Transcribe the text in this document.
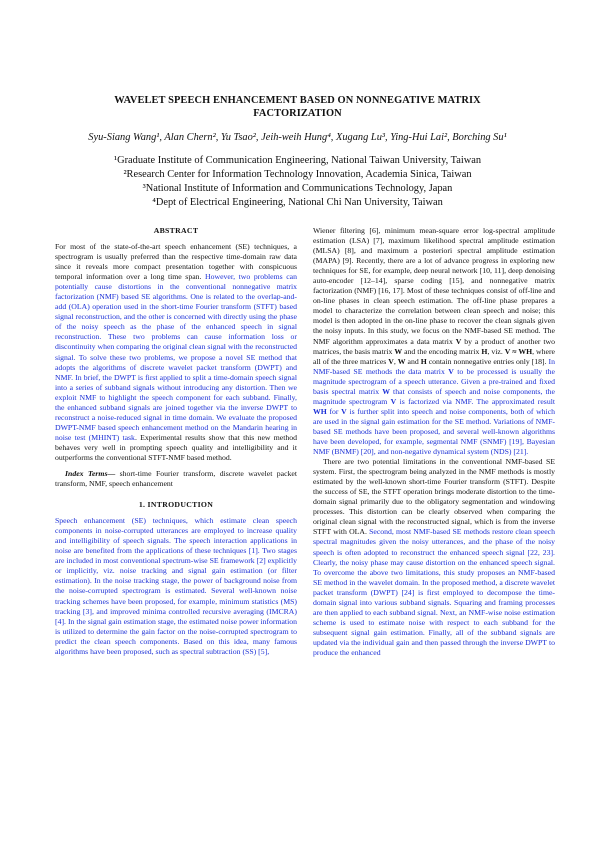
WAVELET SPEECH ENHANCEMENT BASED ON NONNEGATIVE MATRIX
FACTORIZATION
Syu-Siang Wang¹, Alan Chern², Yu Tsao², Jeih-weih Hung⁴, Xugang Lu³, Ying-Hui Lai², Borching Su¹
¹Graduate Institute of Communication Engineering, National Taiwan University, Taiwan
²Research Center for Information Technology Innovation, Academia Sinica, Taiwan
³National Institute of Information and Communications Technology, Japan
⁴Dept of Electrical Engineering, National Chi Nan University, Taiwan
ABSTRACT

For most of the state-of-the-art speech enhancement (SE) techniques, a spectrogram is usually preferred than the respective time-domain raw data since it reveals more compact presentation together with conspicuous temporal information over a long time span. However, two problems can potentially cause distortions in the conventional nonnegative matrix factorization (NMF) based SE algorithms. One is related to the overlap-and-add (OLA) operation used in the short-time Fourier transform (STFT) based signal reconstruction, and the other is concerned with directly using the phase of the noisy speech as the phase of the enhanced speech in signal reconstruction. These two problems can cause information loss or discontinuity when comparing the original clean signal with the reconstructed signal. To solve these two problems, we propose a novel SE method that adopts the algorithms of discrete wavelet packet transform (DWPT) and NMF. In brief, the DWPT is first applied to split a time-domain speech signal into a series of subband signals without introducing any distortion. Then we exploit NMF to highlight the speech component for each subband. Finally, the enhanced subband signals are joined together via the inverse DWPT to reconstruct a noise-reduced signal in time domain. We evaluate the proposed DWPT-NMF based speech enhancement method on the Mandarin hearing in noise test (MHINT) task. Experimental results show that this new method behaves very well in prompting speech quality and intelligibility and it outperforms the conventional STFT-NMF based method.

Index Terms— short-time Fourier transform, discrete wavelet packet transform, NMF, speech enhancement

1. INTRODUCTION

Speech enhancement (SE) techniques, which estimate clean speech components in noise-corrupted utterances are employed to increase quality and intelligibility of speech signals. The speech interaction applications in noise are benefited from the applications of these techniques [1]. Two stages are included in most conventional spectrum-wise SE framework [2] explicitly or implicitly, viz. noise tracking and signal gain estimation (or filter estimation). In the noise tracking stage, the power of background noise from the noise-corrupted spectrogram is estimated. Several well-known noise tracking schemes have been proposed, for example, minimum statistics (MS) tracking [3], and improved minima controlled recursive averaging (IMCRA) [4]. In the signal gain estimation stage, the estimated noise power information is utilized to determine the gain factor on the noise-corrupted spectrogram to predict the clean speech components. Based on this idea, many famous algorithms have been proposed, such as spectral subtraction (SS) [5],

Wiener filtering [6], minimum mean-square error log-spectral amplitude estimation (LSA) [7], maximum likelihood spectral amplitude estimation (MLSA) [8], and maximum a posteriori spectral amplitude estimation (MAPA) [9]. Recently, there are a lot of advance progress in exploring new techniques for SE, for example, deep neural network [10, 11], deep denoising auto-encoder [12–14], sparse coding [15], and nonnegative matrix factorization (NMF) [16, 17]. Most of these techniques consist of off-line and on-line phases in clean speech estimation. The off-line phase prepares a model to characterize the correlation between clean speech and noise; this model is then adopted in the on-line phase to recover the clean signals given the noisy inputs. In this study, we focus on the NMF-based SE method. The NMF algorithm approximates a data matrix V by a product of another two matrices, the basis matrix W and the encoding matrix H, viz. V ≈ WH, where all of the three matrices V, W and H contain nonnegative entries only [18]. In NMF-based SE methods the data matrix V to be processed is usually the magnitude spectrogram of a speech utterance. Given a pre-trained and fixed basis spectral matrix W that consists of speech and noise components, the magnitude spectrogram V is factorized via NMF. The approximated result WH for V is further split into speech and noise components, both of which are used in the signal gain estimation for the SE method. Variations of NMF-based SE methods have been proposed, and several well-known algorithms have been developed, for example, segmental NMF (SNMF) [19], Bayesian NMF (BNMF) [20], and non-negative dynamical system (NDS) [21].

There are two potential limitations in the conventional NMF-based SE system. First, the spectrogram being analyzed in the NMF methods is mostly estimated by the well-known short-time Fourier transform (STFT). Despite the success of SE, the STFT operation brings moderate distortion to the time-domain signal primarily due to the obligatory segmentation and windowing processes. This distortion can be clearly observed when comparing the original clean signal with the reconstructed signal, which is from the inverse STFT with OLA. Second, most NMF-based SE methods restore clean speech spectral magnitudes given the noisy utterances, and the phase of the noisy speech is often adopted to reconstruct the enhanced speech signal [22, 23]. Clearly, the noisy phase may cause distortion on the enhanced speech signal. To overcome the above two limitations, this study proposes an NMF-based SE method in the wavelet domain. In the proposed method, a discrete wavelet packet transform (DWPT) [24] is first employed to decompose the time-domain signal into various subband signals. Squaring and framing processes are then applied to each subband signal. Next, an NMF-wise noise estimation scheme is used to estimate noise with respect to each subband for the subsequent signal gain estimation. Finally, all of the subband signals are updated via the individual gain and then passed through the inverse DWPT to produce the enhanced
